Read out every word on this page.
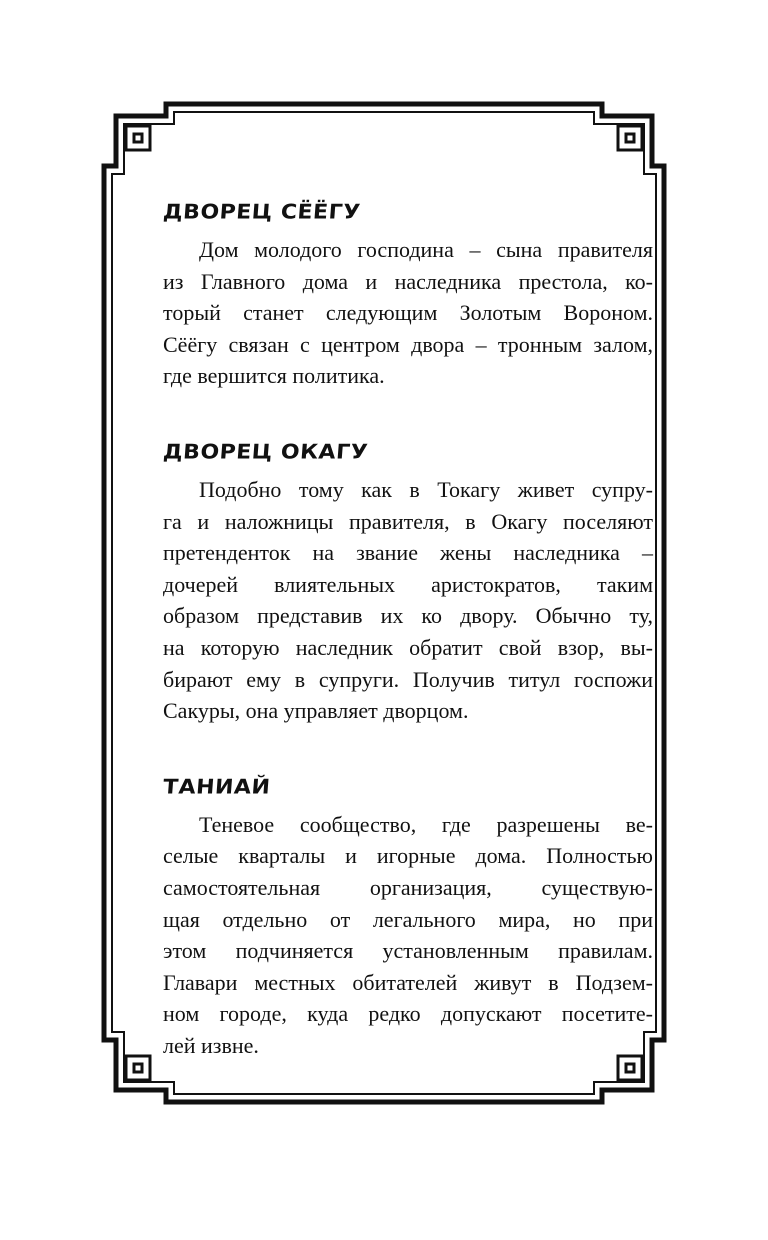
ДВОРЕЦ СЁЁГУ

Дом молодого господина – сына правителя
из Главного дома и наследника престола, ко-
торый станет следующим Золотым Вороном.
Сёёгу связан с центром двора – тронным залом,
где вершится политика.

ДВОРЕЦ ОКАГУ

Подобно тому как в Токагу живет супру-
га и наложницы правителя, в Окагу поселяют
претенденток на звание жены наследника –
дочерей влиятельных аристократов, таким
образом представив их ко двору. Обычно ту,
на которую наследник обратит свой взор, вы-
бирают ему в супруги. Получив титул госпожи
Сакуры, она управляет дворцом.

ТАНИАЙ

Теневое сообщество, где разрешены ве-
селые кварталы и игорные дома. Полностью
самостоятельная организация, существую-
щая отдельно от легального мира, но при
этом подчиняется установленным правилам.
Главари местных обитателей живут в Подзем-
ном городе, куда редко допускают посетите-
лей извне.
